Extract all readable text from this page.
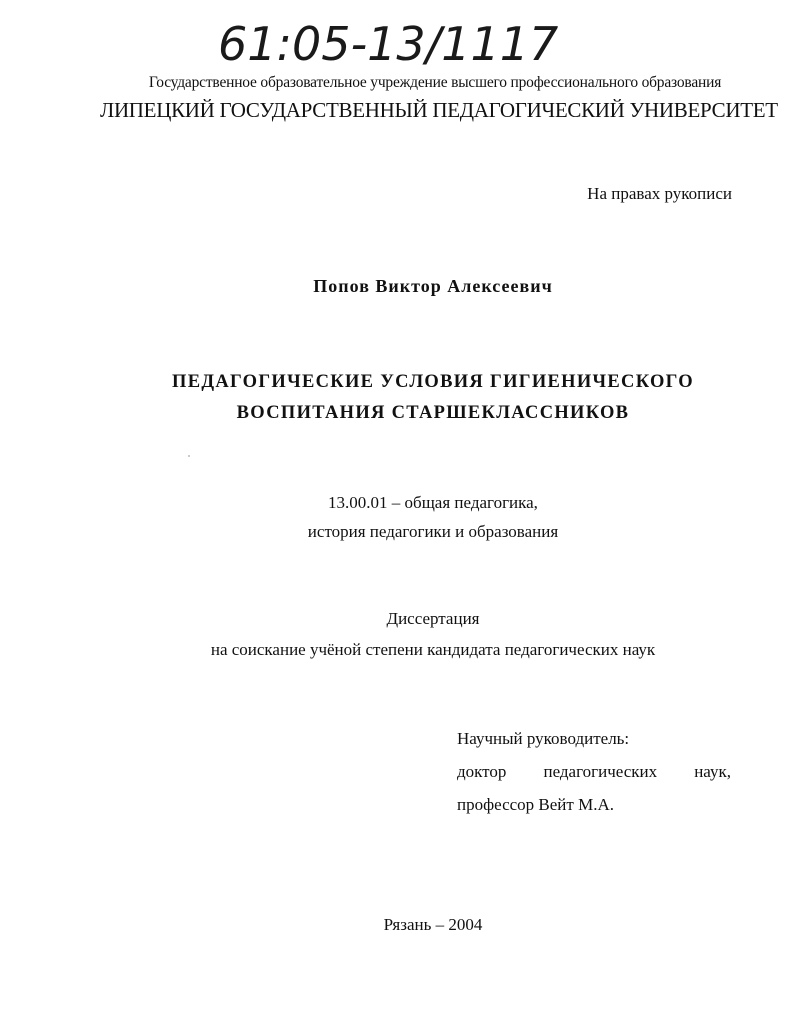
61:05-13/1117
Государственное образовательное учреждение высшего профессионального образования
ЛИПЕЦКИЙ ГОСУДАРСТВЕННЫЙ ПЕДАГОГИЧЕСКИЙ УНИВЕРСИТЕТ
На правах рукописи
Попов Виктор Алексеевич
ПЕДАГОГИЧЕСКИЕ УСЛОВИЯ ГИГИЕНИЧЕСКОГО
ВОСПИТАНИЯ СТАРШЕКЛАССНИКОВ
13.00.01 – общая педагогика,
история педагогики и образования
Диссертация
на соискание учёной степени кандидата педагогических наук
Научный руководитель:
доктор педагогических наук,
профессор Вейт М.А.
Рязань – 2004
